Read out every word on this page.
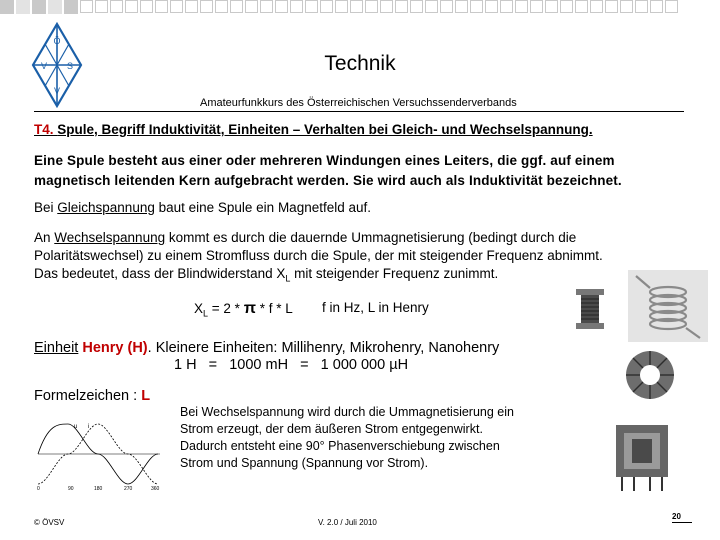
Ö
V S
V
Technik
Amateurfunkkurs des Österreichischen Versuchssenderverbands
T4. Spule, Begriff Induktivität, Einheiten – Verhalten bei Gleich- und Wechselspannung.
Eine Spule besteht aus einer oder mehreren Windungen eines Leiters, die ggf. auf einem magnetisch leitenden Kern aufgebracht werden. Sie wird auch als Induktivität bezeichnet.
Bei Gleichspannung baut eine Spule ein Magnetfeld auf.
An Wechselspannung kommt es durch die dauernde Ummagnetisierung (bedingt durch die
Polaritätswechsel) zu einem Stromfluss durch die Spule, der mit steigender Frequenz abnimmt.
Das bedeutet, dass der Blindwiderstand $X_L$ mit steigender Frequenz zunimmt.
$X_L = 2 * \pi * f * L$ f in Hz, L in Henry
Einheit Henry (H). Kleinere Einheiten: Millihenry, Mikrohenry, Nanohenry
1 H   =   1000 mH   =   1 000 000 µH
Formelzeichen : L
u i
0	90	180	270	360
Bei Wechselspannung wird durch die Ummagnetisierung ein Strom erzeugt, der dem äußeren Strom entgegenwirkt. Dadurch entsteht eine 90° Phasenverschiebung zwischen Strom und Spannung (Spannung vor Strom).
© ÖVSV	V. 2.0 / Juli 2010
20
